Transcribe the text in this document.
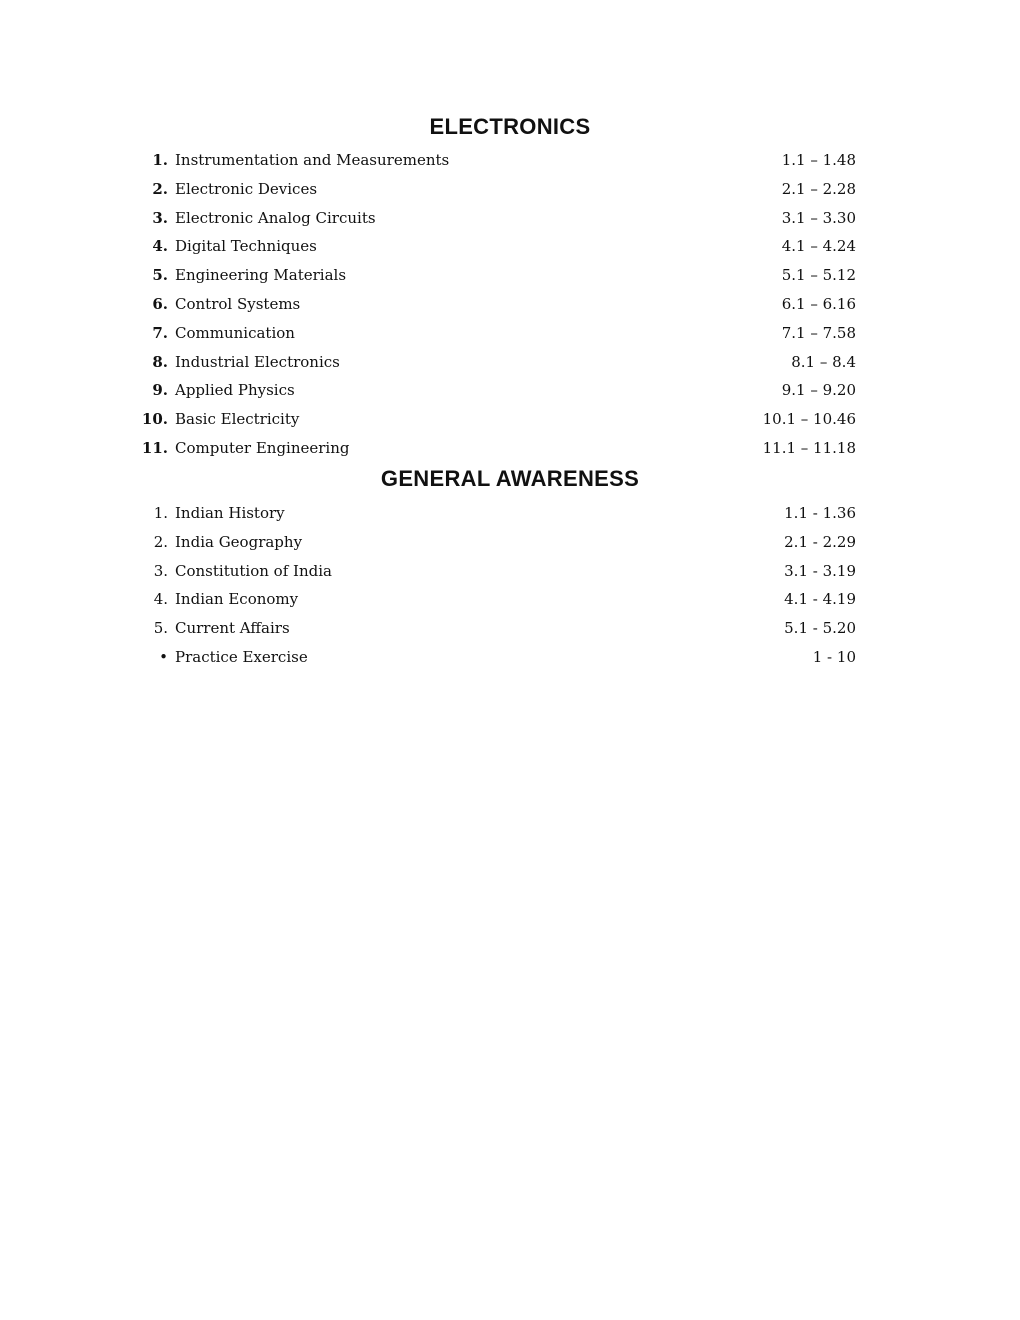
ELECTRONICS
1. Instrumentation and Measurements	1.1 – 1.48
2. Electronic Devices	2.1 – 2.28
3. Electronic Analog Circuits	3.1 – 3.30
4. Digital Techniques	4.1 – 4.24
5. Engineering Materials	5.1 – 5.12
6. Control Systems	6.1 – 6.16
7. Communication	7.1 – 7.58
8. Industrial Electronics	8.1 – 8.4
9. Applied Physics	9.1 – 9.20
10. Basic Electricity	10.1 – 10.46
11. Computer Engineering	11.1 – 11.18
GENERAL AWARENESS
1. Indian History	1.1 - 1.36
2. India Geography	2.1 - 2.29
3. Constitution of India	3.1 - 3.19
4. Indian Economy	4.1 - 4.19
5. Current Affairs	5.1 - 5.20
• Practice Exercise	1 - 10
